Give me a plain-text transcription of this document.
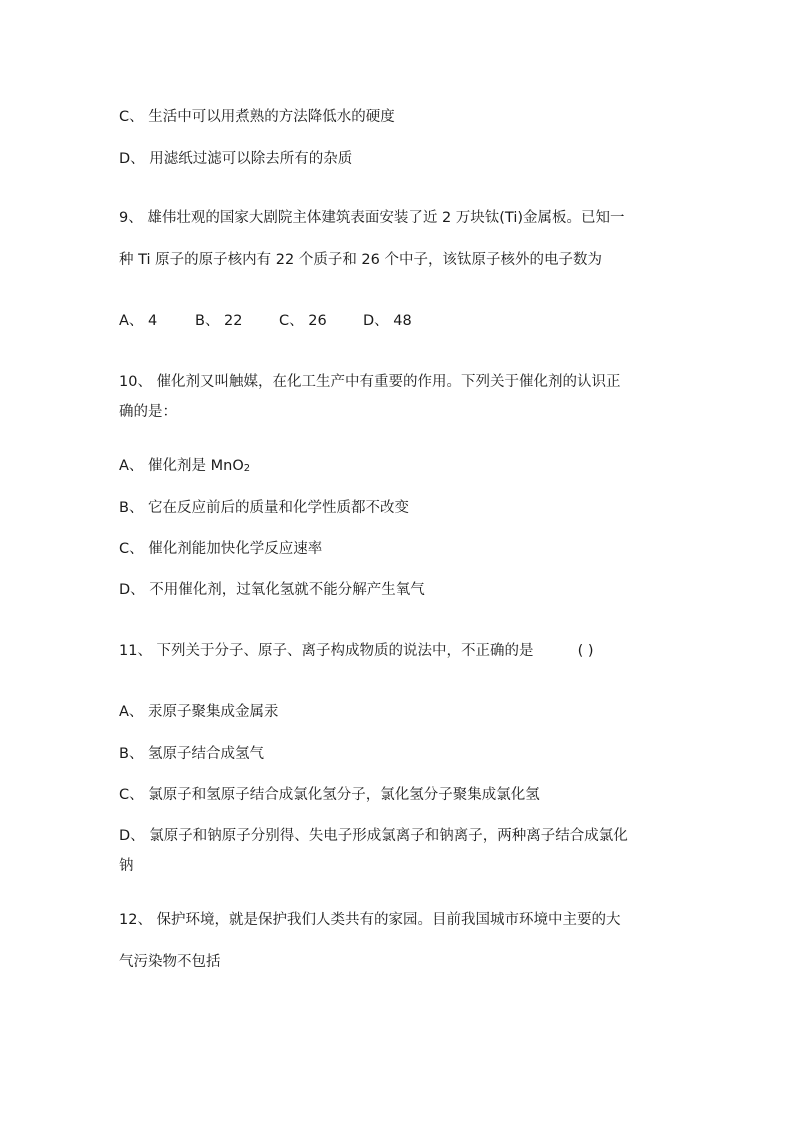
C、 生活中可以用煮熟的方法降低水的硬度
D、 用滤纸过滤可以除去所有的杂质
9、 雄伟壮观的国家大剧院主体建筑表面安装了近 2 万块钛(Ti)金属板。已知一
种 Ti 原子的原子核内有 22 个质子和 26 个中子，该钛原子核外的电子数为
A、 4	B、 22	C、 26	D、 48
10、 催化剂又叫触媒，在化工生产中有重要的作用。下列关于催化剂的认识正
确的是：
A、 催化剂是 MnO$_2$
B、 它在反应前后的质量和化学性质都不改变
C、 催化剂能加快化学反应速率
D、 不用催化剂，过氧化氢就不能分解产生氧气
11、 下列关于分子、原子、离子构成物质的说法中，不正确的是	( )
A、 汞原子聚集成金属汞
B、 氢原子结合成氢气
C、 氯原子和氢原子结合成氯化氢分子，氯化氢分子聚集成氯化氢
D、 氯原子和钠原子分别得、失电子形成氯离子和钠离子，两种离子结合成氯化
钠
12、 保护环境，就是保护我们人类共有的家园。目前我国城市环境中主要的大
气污染物不包括
